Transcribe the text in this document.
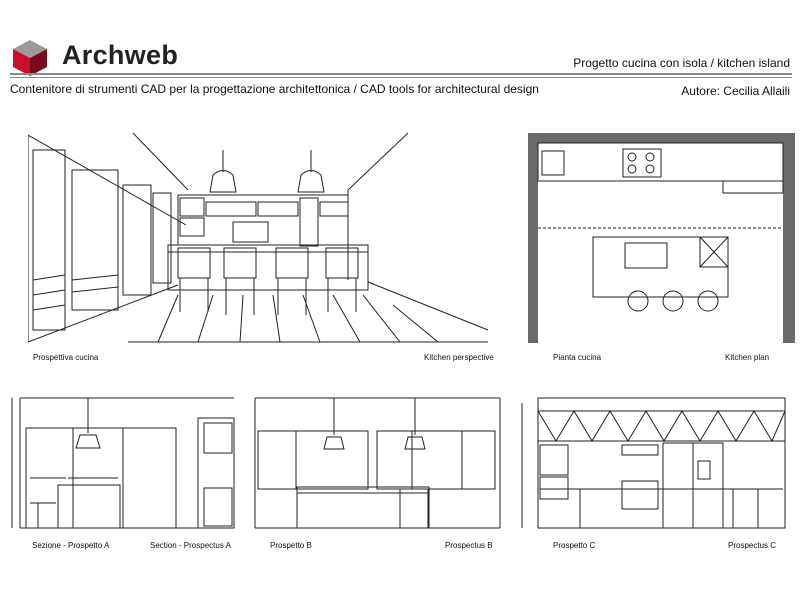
Archweb	Progetto cucina con isola / kitchen island
Contenitore di strumenti CAD per la progettazione architettonica / CAD tools for architectural design	Autore: Cecilia Allaili
Prospettiva cucina	Kitchen perspective	Pianta cucina	Kitchen plan
Sezione - Prospetto A	Section - Prospectus A	Prospetto B	Prospectus B	Prospetto C	Prospectus C
